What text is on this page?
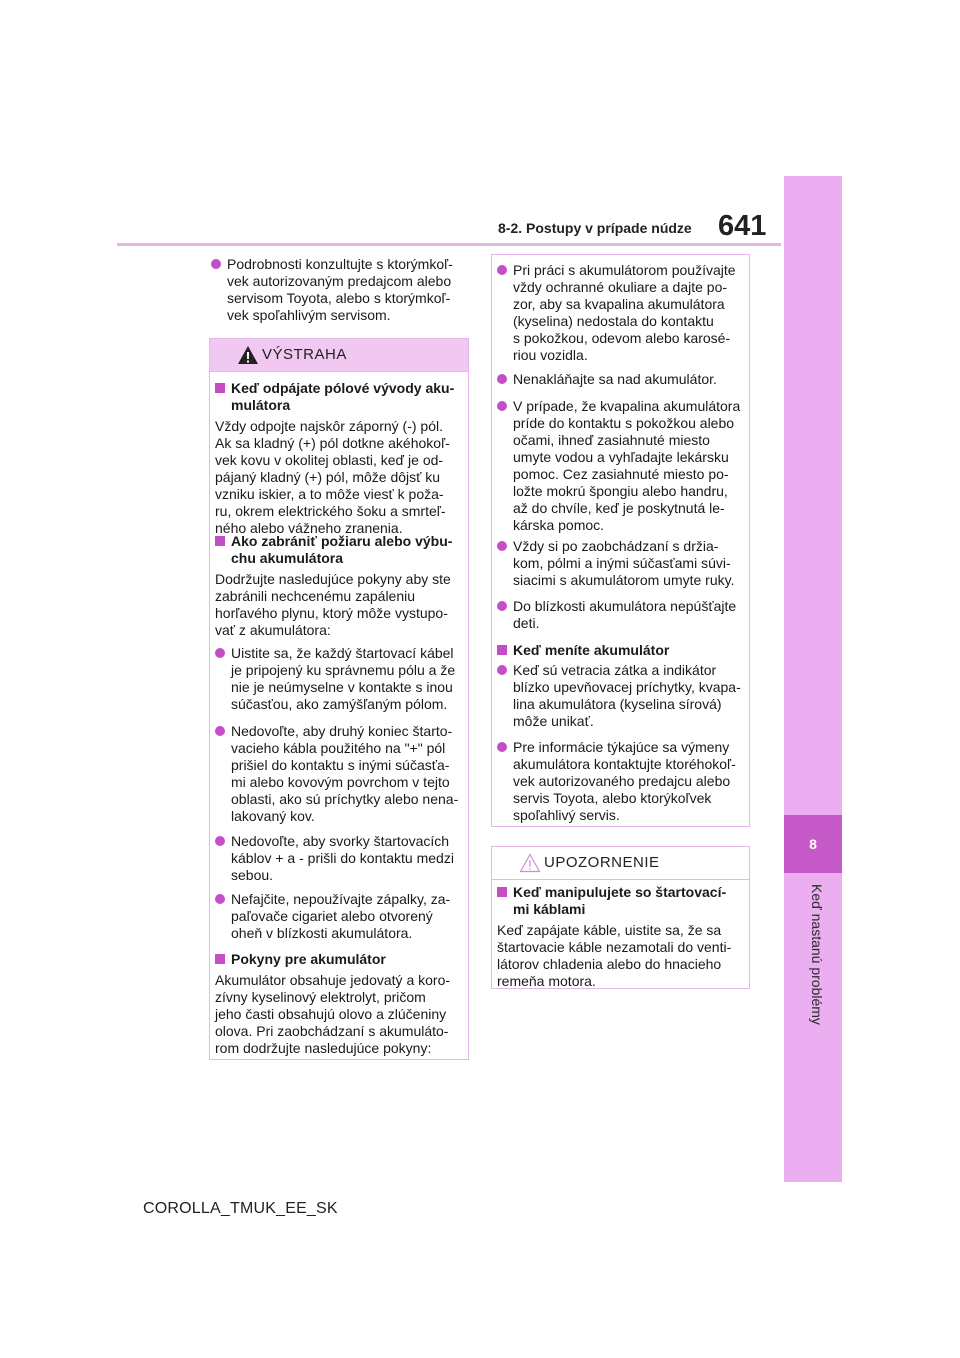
8-2. Postupy v prípade núdze 641
8
Keď nastanú problémy
Podrobnosti konzultujte s ktorýmkoľ-
vek autorizovaným predajcom alebo
servisom Toyota, alebo s ktorýmkoľ-
vek spoľahlivým servisom.
VÝSTRAHA
Keď odpájate pólové vývody aku-
mulátora
Vždy odpojte najskôr záporný (-) pól.
Ak sa kladný (+) pól dotkne akéhokoľ-
vek kovu v okolitej oblasti, keď je od-
pájaný kladný (+) pól, môže dôjsť ku
vzniku iskier, a to môže viesť k poža-
ru, okrem elektrického šoku a smrteľ-
ného alebo vážneho zranenia.
Ako zabrániť požiaru alebo výbu-
chu akumulátora
Dodržujte nasledujúce pokyny aby ste
zabránili nechcenému zapáleniu
horľavého plynu, ktorý môže vystupo-
vať z akumulátora:
Uistite sa, že každý štartovací kábel
je pripojený ku správnemu pólu a že
nie je neúmyselne v kontakte s inou
súčasťou, ako zamýšľaným pólom.
Nedovoľte, aby druhý koniec štarto-
vacieho kábla použitého na "+" pól
prišiel do kontaktu s inými súčasťa-
mi alebo kovovým povrchom v tejto
oblasti, ako sú príchytky alebo nena-
lakovaný kov.
Nedovoľte, aby svorky štartovacích
káblov + a - prišli do kontaktu medzi
sebou.
Nefajčite, nepoužívajte zápalky, za-
paľovače cigariet alebo otvorený
oheň v blízkosti akumulátora.
Pokyny pre akumulátor
Akumulátor obsahuje jedovatý a koro-
zívny kyselinový elektrolyt, pričom
jeho časti obsahujú olovo a zlúčeniny
olova. Pri zaobchádzaní s akumuláto-
rom dodržujte nasledujúce pokyny:
Pri práci s akumulátorom používajte
vždy ochranné okuliare a dajte po-
zor, aby sa kvapalina akumulátora
(kyselina) nedostala do kontaktu
s pokožkou, odevom alebo karosé-
riou vozidla.
Nenakláňajte sa nad akumulátor.
V prípade, že kvapalina akumulátora
príde do kontaktu s pokožkou alebo
očami, ihneď zasiahnuté miesto
umyte vodou a vyhľadajte lekársku
pomoc. Cez zasiahnuté miesto po-
ložte mokrú špongiu alebo handru,
až do chvíle, keď je poskytnutá le-
kárska pomoc.
Vždy si po zaobchádzaní s držia-
kom, pólmi a inými súčasťami súvi-
siacimi s akumulátorom umyte ruky.
Do blízkosti akumulátora nepúšťajte
deti.
Keď meníte akumulátor
Keď sú vetracia zátka a indikátor
blízko upevňovacej príchytky, kvapa-
lina akumulátora (kyselina sírová)
môže unikať.
Pre informácie týkajúce sa výmeny
akumulátora kontaktujte ktoréhokoľ-
vek autorizovaného predajcu alebo
servis Toyota, alebo ktorýkoľvek
spoľahlivý servis.
UPOZORNENIE
Keď manipulujete so štartovací-
mi káblami
Keď zapájate káble, uistite sa, že sa
štartovacie káble nezamotali do venti-
látorov chladenia alebo do hnacieho
remeňa motora.
COROLLA_TMUK_EE_SK
